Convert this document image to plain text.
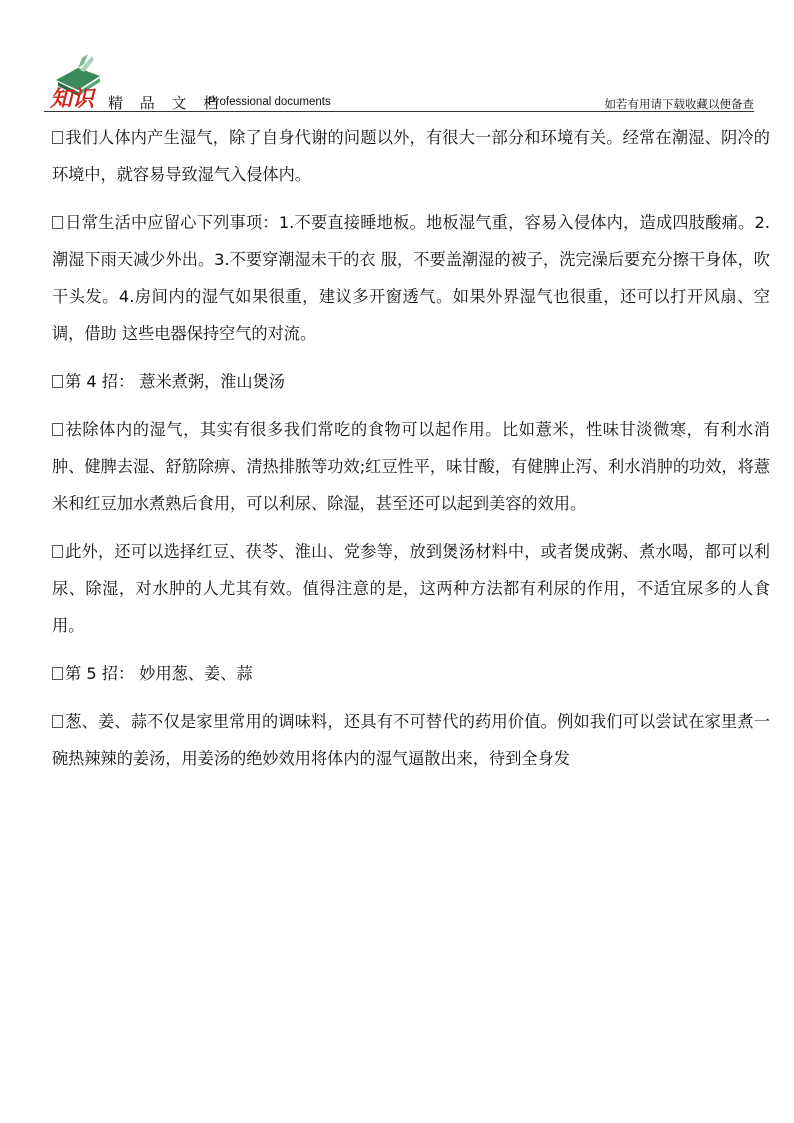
知识 精 品 文 档
Professional documents	如若有用请下载收藏以便备查

我们人体内产生湿气，除了自身代谢的问题以外，有很大一部分和环境有关。经常在潮湿、阴冷的环境中，就容易导致湿气入侵体内。

日常生活中应留心下列事项：1.不要直接睡地板。地板湿气重，容易入侵体内，造成四肢酸痛。2.潮湿下雨天减少外出。3.不要穿潮湿未干的衣 服，不要盖潮湿的被子，洗完澡后要充分擦干身体，吹干头发。4.房间内的湿气如果很重，建议多开窗透气。如果外界湿气也很重，还可以打开风扇、空调，借助 这些电器保持空气的对流。

第 4 招： 薏米煮粥，淮山煲汤

祛除体内的湿气，其实有很多我们常吃的食物可以起作用。比如薏米，性味甘淡微寒，有利水消肿、健脾去湿、舒筋除痹、清热排脓等功效;红豆性平，味甘酸，有健脾止泻、利水消肿的功效，将薏米和红豆加水煮熟后食用，可以利尿、除湿，甚至还可以起到美容的效用。

此外，还可以选择红豆、茯苓、淮山、党参等，放到煲汤材料中，或者煲成粥、煮水喝，都可以利尿、除湿，对水肿的人尤其有效。值得注意的是，这两种方法都有利尿的作用，不适宜尿多的人食用。

第 5 招： 妙用葱、姜、蒜

葱、姜、蒜不仅是家里常用的调味料，还具有不可替代的药用价值。例如我们可以尝试在家里煮一碗热辣辣的姜汤，用姜汤的绝妙效用将体内的湿气逼散出来，待到全身发
